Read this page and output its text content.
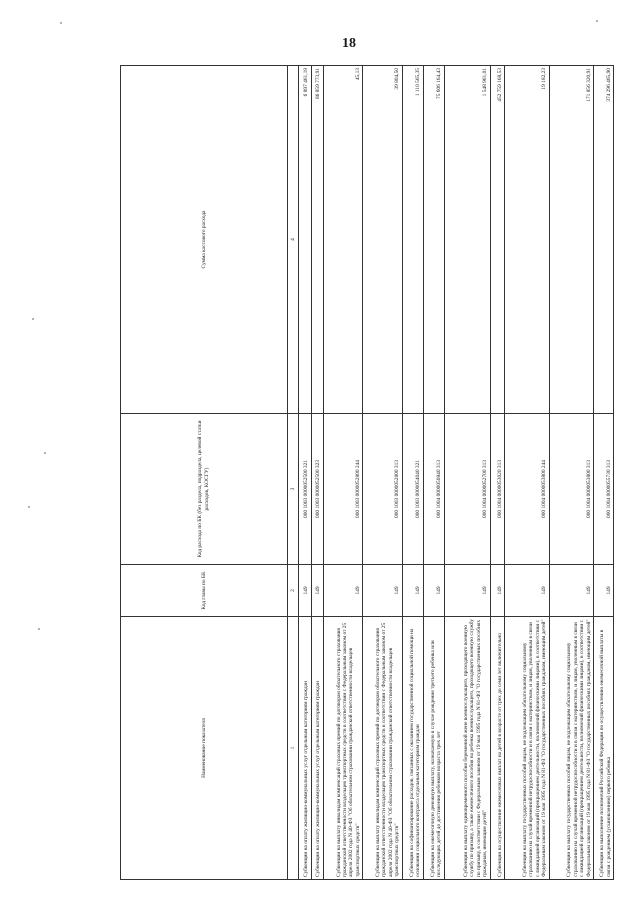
18
Наименование показателя	Код главы по БК	Код расхода по БК (без раздела, подраздела, целевой статьи расходов, КОСГУ)	Сумма кассового расхода
1	2	3	4
Субвенции на оплату жилищно-коммунальных услуг отдельным категориям граждан	149	000 1003 0000052500 321	6 897 461,19
Субвенции на оплату жилищно-коммунальных услуг отдельным категориям граждан	149	000 1003 0000052500 323	86 859 773,91
Субвенции на выплату инвалидам компенсаций страховых премий по договорам обязательного страхования гражданской ответственности владельцев транспортных средств в соответствии с Федеральным законом от 25 апреля 2002 года N 40-ФЗ "Об обязательном страховании гражданской ответственности владельцев транспортных средств"	149	000 1003 0000052800 244	45,13
Субвенции на выплату инвалидам компенсаций страховых премий по договорам обязательного страхования гражданской ответственности владельцев транспортных средств в соответствии с Федеральным законом от 25 апреля 2002 года N 40-ФЗ "Об обязательном страховании гражданской ответственности владельцев транспортных средств"	149	000 1003 0000052800 313	39 804,50
Субвенции на софинансирование расходов, связанных с оказанием государственной социальной помощи на основании социального контракта отдельным категориям граждан	149	000 1003 0000054040 321	1 110 565,35
Субвенции на ежемесячную денежную выплату, назначаемую в случае рождения третьего ребенка или последующих детей до достижения ребенком возраста трех лет	149	000 1004 0000050840 313	75 606 164,43
Субвенции на выплату единовременного пособия беременной жене военнослужащего, проходящего военную службу по призыву, а также ежемесячного пособия на ребенка военнослужащего, проходящего военную службу по призыву, в соответствии с Федеральным законом от 19 мая 1995 года N 81-ФЗ "О государственных пособиях гражданам, имеющим детей"	149	000 1004 0000052700 313	1 548 961,01
Субвенции на осуществление ежемесячных выплат на детей в возрасте от трех до семи лет включительно	149	000 1004 0000053020 313	452 759 168,53
Субвенции на выплату государственных пособий лицам, не подлежащим обязательному социальному страхованию на случай временной нетрудоспособности и в связи с материнством, и лицам, уволенным в связи с ликвидацией организаций (прекращением деятельности, полномочий физическими лицами), в соответствии с Федеральным законом от 19 мая 1995 года N 81-ФЗ "О государственных пособиях гражданам, имеющим детей"	149	000 1004 0000053800 244	19 182,23
Субвенции на выплату государственных пособий лицам, не подлежащим обязательному социальному страхованию на случай временной нетрудоспособности и в связи с материнством, и лицам, уволенным в связи с ликвидацией организаций (прекращением деятельности, полномочий физическими лицами), в соответствии с Федеральным законом от 19 мая 1995 года N 81-ФЗ "О государственных пособиях гражданам, имеющим детей"	149	000 1004 0000053800 313	171 856 320,91
Субвенции на выполнение полномочий Российской Федерации по осуществлению ежемесячной выплаты в связи с рождением (усыновлением) первого ребенка	149	000 1004 0000055730 313	374 296 465,90
